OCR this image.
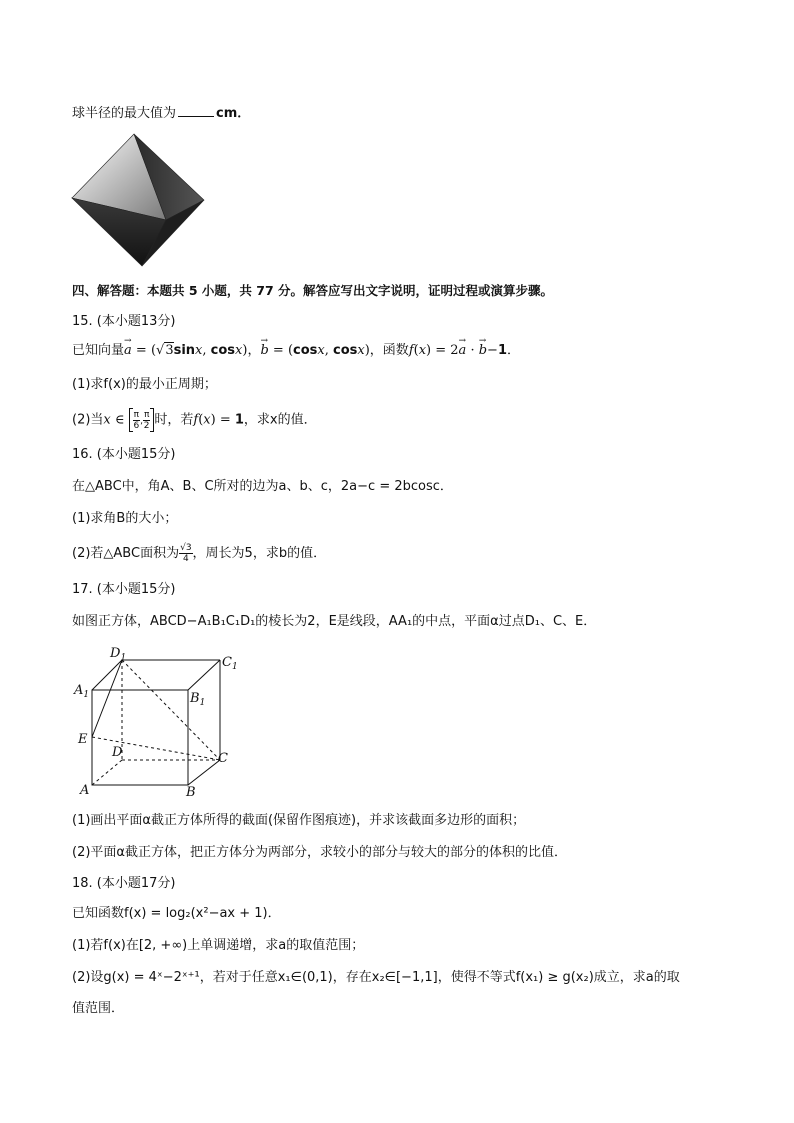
球半径的最大值为	cm．
四、解答题：本题共 5 小题，共 77 分。解答应写出文字说明，证明过程或演算步骤。
15. (本小题13分)
已知向量→ a = (√3sinx, cosx)，→ b = (cosx, cosx)，函数f(x) = 2→ a · → b−1．
(1)求f(x)的最小正周期；
(2)当x ∈ $\frac{\pi}{6}$ , $\frac{\pi}{2}$ 时，若f(x) = 1，求x的值．
16. (本小题15分)
在△ABC中，角A、B、C所对的边为a、b、c，2a−c = 2bcosc．
(1)求角B的大小；
(2)若△ABC面积为 $\frac{√3}{4}$ ，周长为5，求b的值．
17. (本小题15分)
如图正方体，ABCD−A₁B₁C₁D₁的棱长为2，E是线段，AA₁的中点，平面α过点D₁、C、E．
$D_1$	$C_1$
$A_1$	$B_1$
E
D	C
A	B
(1)画出平面α截正方体所得的截面(保留作图痕迹)，并求该截面多边形的面积；
(2)平面α截正方体，把正方体分为两部分，求较小的部分与较大的部分的体积的比值．
18. (本小题17分)
已知函数f(x) = log₂(x²−ax + 1)．
(1)若f(x)在[2, +∞)上单调递增，求a的取值范围；
(2)设g(x) = 4ˣ−2ˣ⁺¹，若对于任意x₁∈(0,1)，存在x₂∈[−1,1]，使得不等式f(x₁) ≥ g(x₂)成立，求a的取
值范围．
